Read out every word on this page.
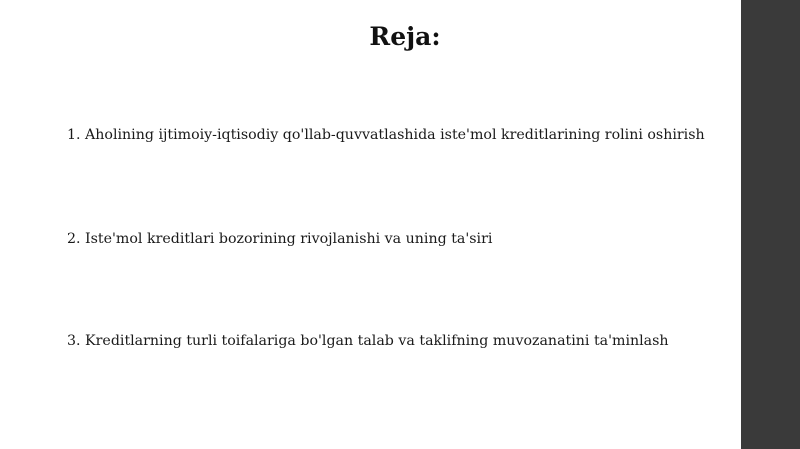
Reja:
1. Aholining ijtimoiy-iqtisodiy qo'llab-quvvatlashida iste'mol kreditlarining rolini oshirish
2. Iste'mol kreditlari bozorining rivojlanishi va uning ta'siri
3. Kreditlarning turli toifalariga bo'lgan talab va taklifning muvozanatini ta'minlash
